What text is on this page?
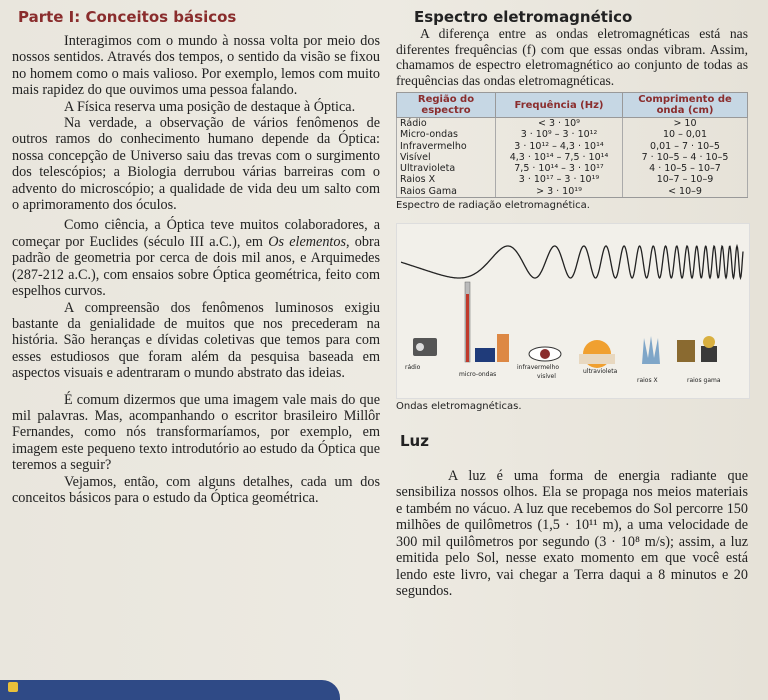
Parte I: Conceitos básicos

Interagimos com o mundo à nossa volta por meio dos nossos sentidos. Através dos tempos, o sentido da visão se fixou no homem como o mais valioso. Por exemplo, lemos com muito mais rapidez do que ouvimos uma pessoa falando.

A Física reserva uma posição de destaque à Óptica.

Na verdade, a observação de vários fenômenos de outros ramos do conhecimento humano depende da Óptica: nossa concepção de Universo saiu das trevas com o surgimento dos telescópios; a Biologia derrubou várias barreiras com o advento do microscópio; a qualidade de vida deu um salto com o aprimoramento dos óculos.

Como ciência, a Óptica teve muitos colaboradores, a começar por Euclides (século III a.C.), em Os elementos, obra padrão de geometria por cerca de dois mil anos, e Arquimedes (287-212 a.C.), com ensaios sobre Óptica geométrica, feito com espelhos curvos.

A compreensão dos fenômenos luminosos exigiu bastante da genialidade de muitos que nos precederam na história. São heranças e dívidas coletivas que temos para com esses estudiosos que foram além da pesquisa baseada em aspectos visuais e adentraram o mundo abstrato das ideias.

É comum dizermos que uma imagem vale mais do que mil palavras. Mas, acompanhando o escritor brasileiro Millôr Fernandes, como nós transformaríamos, por exemplo, em imagem este pequeno texto introdutório ao estudo da Óptica que teremos a seguir?

Vejamos, então, com alguns detalhes, cada um dos conceitos básicos para o estudo da Óptica geométrica.

Espectro eletromagnético

A diferença entre as ondas eletromagnéticas está nas diferentes frequências (f) com que essas ondas vibram. Assim, chamamos de espectro eletromagnético ao conjunto de todas as frequências das ondas eletromagnéticas.

Região do espectro	Frequência (Hz)	Comprimento de onda (cm)
Rádio	< 3 · 10⁹	> 10
Micro-ondas	3 · 10⁹ – 3 · 10¹²	10 – 0,01
Infravermelho	3 · 10¹² – 4,3 · 10¹⁴	0,01 – 7 · 10–5
Visível	4,3 · 10¹⁴ – 7,5 · 10¹⁴	7 · 10–5 – 4 · 10–5
Ultravioleta	7,5 · 10¹⁴ – 3 · 10¹⁷	4 · 10–5 – 10–7
Raios X	3 · 10¹⁷ – 3 · 10¹⁹	10–7 – 10–9
Raios Gama	> 3 · 10¹⁹	< 10–9
Espectro de radiação eletromagnética.
rádio
micro-ondas
infravermelho
visível
ultravioleta
raios X	raios gama
Ondas eletromagnéticas.
Luz

A luz é uma forma de energia radiante que sensibiliza nossos olhos. Ela se propaga nos meios materiais e também no vácuo. A luz que recebemos do Sol percorre 150 milhões de quilômetros (1,5 · 10¹¹ m), a uma velocidade de 300 mil quilômetros por segundo (3 · 10⁸ m/s); assim, a luz emitida pelo Sol, nesse exato momento em que você está lendo este livro, vai chegar a Terra daqui a 8 minutos e 20 segundos.
